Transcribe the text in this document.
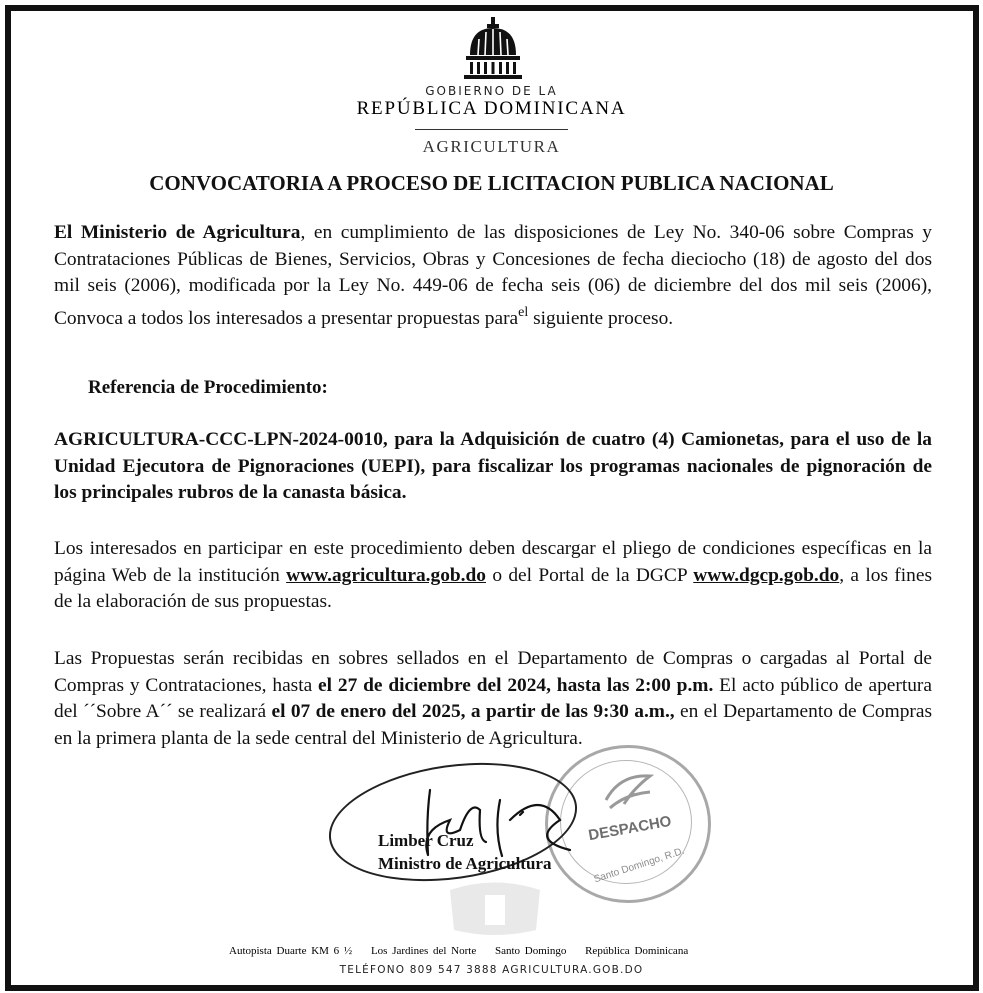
GOBIERNO DE LA
REPÚBLICA DOMINICANA
AGRICULTURA
CONVOCATORIA A PROCESO DE LICITACION PUBLICA NACIONAL
El Ministerio de Agricultura, en cumplimiento de las disposiciones de Ley No. 340-06 sobre Compras y Contrataciones Públicas de Bienes, Servicios, Obras y Concesiones de fecha dieciocho (18) de agosto del dos mil seis (2006), modificada por la Ley No. 449-06 de fecha seis (06) de diciembre del dos mil seis (2006), Convoca a todos los interesados a presentar propuestas para$^{el}$ siguiente proceso.
Referencia de Procedimiento:
AGRICULTURA-CCC-LPN-2024-0010, para la Adquisición de cuatro (4) Camionetas, para el uso de la Unidad Ejecutora de Pignoraciones (UEPI), para fiscalizar los programas nacionales de pignoración de los principales rubros de la canasta básica.
Los interesados en participar en este procedimiento deben descargar el pliego de condiciones específicas en la página Web de la institución www.agricultura.gob.do o del Portal de la DGCP www.dgcp.gob.do, a los fines de la elaboración de sus propuestas.
Las Propuestas serán recibidas en sobres sellados en el Departamento de Compras o cargadas al Portal de Compras y Contrataciones, hasta el 27 de diciembre del 2024, hasta las 2:00 p.m. El acto público de apertura del ´´Sobre A´´ se realizará el 07 de enero del 2025, a partir de las 9:30 a.m., en el Departamento de Compras en la primera planta de la sede central del Ministerio de Agricultura.
DESPACHO
Santo Domingo, R.D.
Limber Cruz
Ministro de Agricultura
Autopista Duarte KM 6 ½ Los Jardines del Norte Santo Domingo República Dominicana
TELÉFONO 809 547 3888 AGRICULTURA.GOB.DO
